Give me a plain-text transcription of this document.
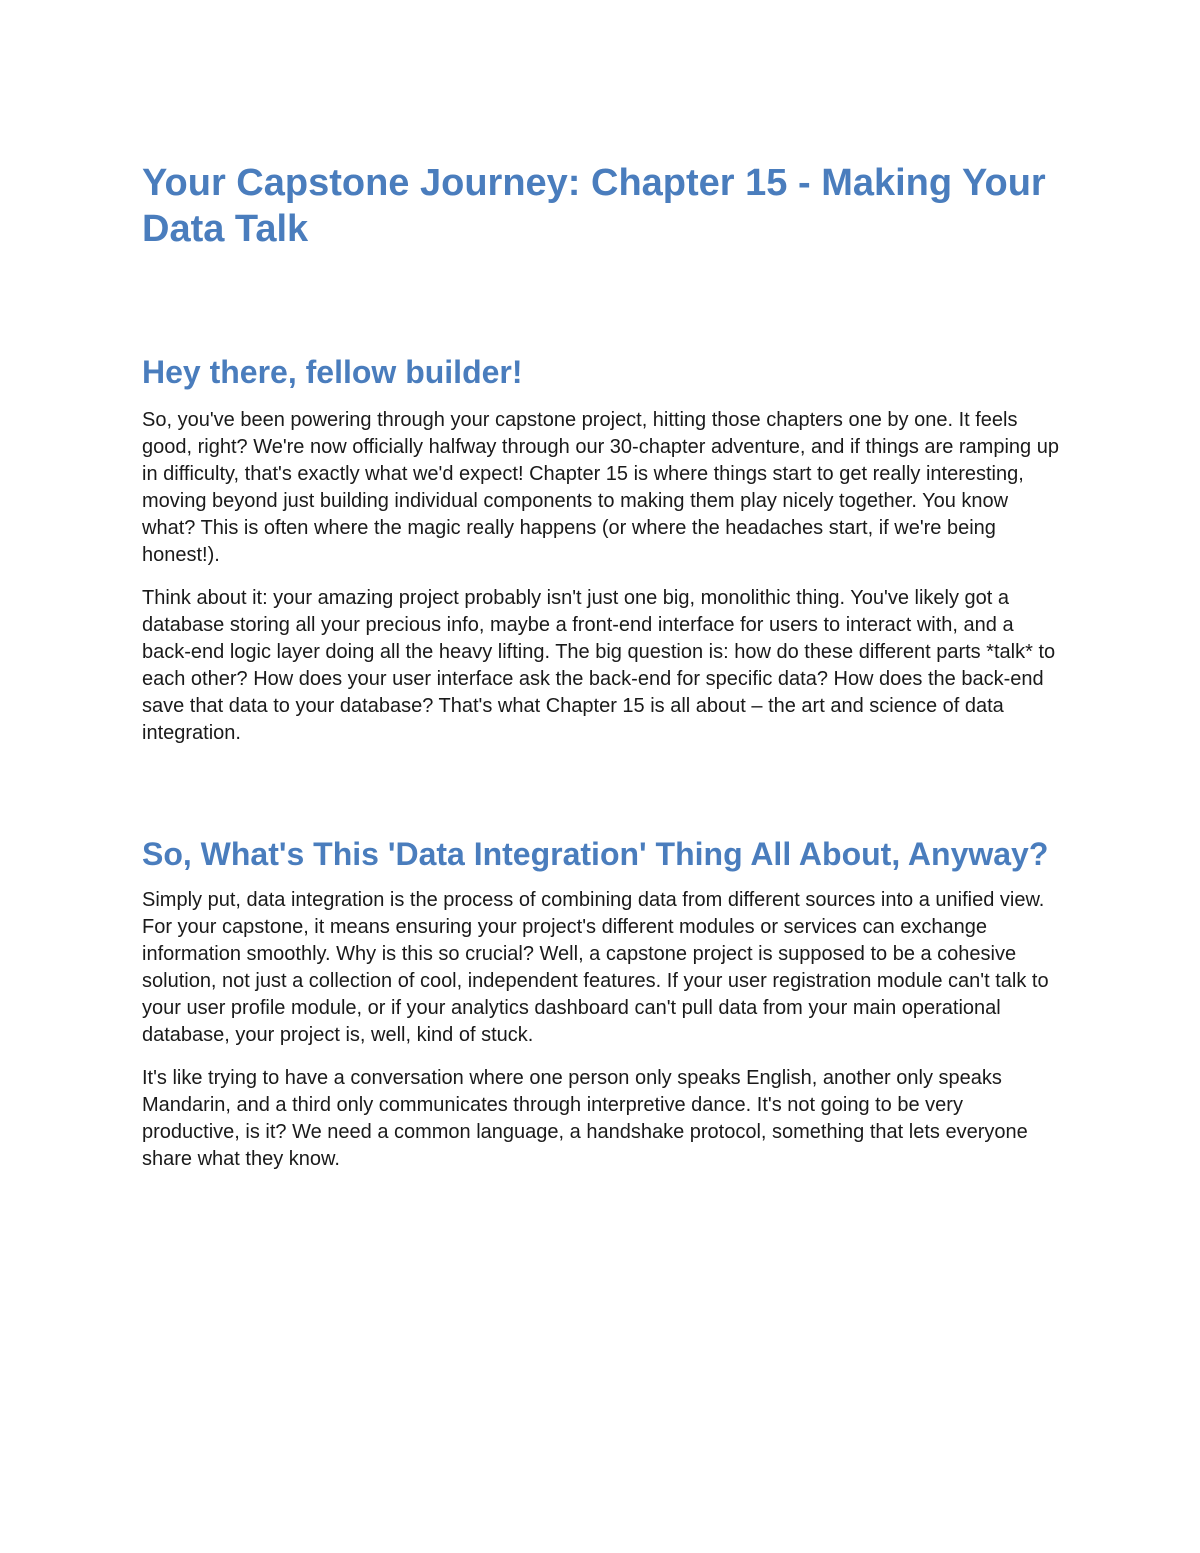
Your Capstone Journey: Chapter 15 - Making Your Data Talk
Hey there, fellow builder!

So, you've been powering through your capstone project, hitting those chapters one by one. It feels good, right? We're now officially halfway through our 30-chapter adventure, and if things are ramping up in difficulty, that's exactly what we'd expect! Chapter 15 is where things start to get really interesting, moving beyond just building individual components to making them play nicely together. You know what? This is often where the magic really happens (or where the headaches start, if we're being honest!).

Think about it: your amazing project probably isn't just one big, monolithic thing. You've likely got a database storing all your precious info, maybe a front-end interface for users to interact with, and a back-end logic layer doing all the heavy lifting. The big question is: how do these different parts *talk* to each other? How does your user interface ask the back-end for specific data? How does the back-end save that data to your database? That's what Chapter 15 is all about – the art and science of data integration.

So, What's This 'Data Integration' Thing All About, Anyway?

Simply put, data integration is the process of combining data from different sources into a unified view. For your capstone, it means ensuring your project's different modules or services can exchange information smoothly. Why is this so crucial? Well, a capstone project is supposed to be a cohesive solution, not just a collection of cool, independent features. If your user registration module can't talk to your user profile module, or if your analytics dashboard can't pull data from your main operational database, your project is, well, kind of stuck.

It's like trying to have a conversation where one person only speaks English, another only speaks Mandarin, and a third only communicates through interpretive dance. It's not going to be very productive, is it? We need a common language, a handshake protocol, something that lets everyone share what they know.
